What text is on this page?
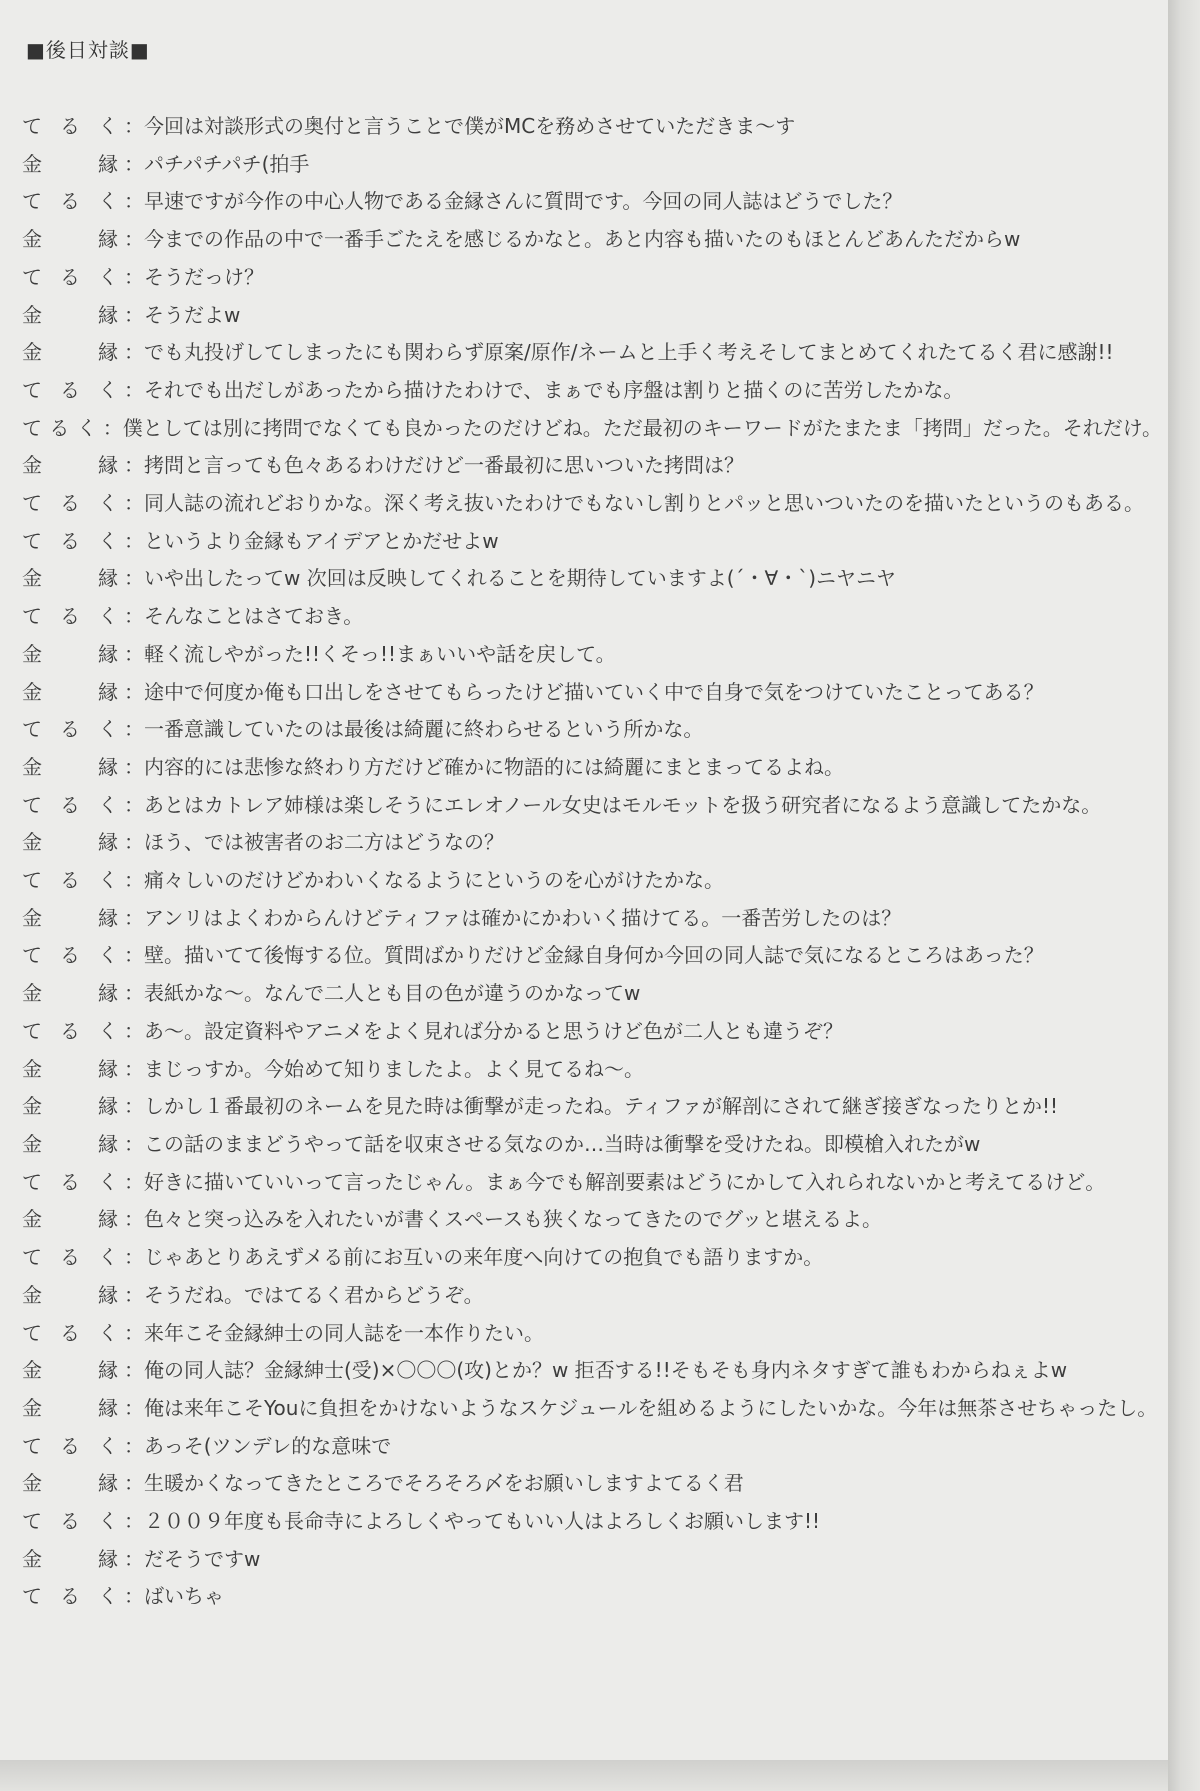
■後日対談■
てるく ： 今回は対談形式の奥付と言うことで僕がMCを務めさせていただきま～す
金縁 ： パチパチパチ(拍手
てるく ： 早速ですが今作の中心人物である金縁さんに質問です。今回の同人誌はどうでした？
金縁 ： 今までの作品の中で一番手ごたえを感じるかなと。あと内容も描いたのもほとんどあんただからw
てるく ： そうだっけ？
金縁 ： そうだよw
金縁 ： でも丸投げしてしまったにも関わらず原案/原作/ネームと上手く考えそしてまとめてくれたてるく君に感謝!!
てるく ： それでも出だしがあったから描けたわけで、まぁでも序盤は割りと描くのに苦労したかな。
てるく ： 僕としては別に拷問でなくても良かったのだけどね。ただ最初のキーワードがたまたま「拷問」だった。それだけ。
金縁 ： 拷問と言っても色々あるわけだけど一番最初に思いついた拷問は？
てるく ： 同人誌の流れどおりかな。深く考え抜いたわけでもないし割りとパッと思いついたのを描いたというのもある。
てるく ： というより金縁もアイデアとかだせよw
金縁 ： いや出したってw 次回は反映してくれることを期待していますよ(´・∀・`)ニヤニヤ
てるく ： そんなことはさておき。
金縁 ： 軽く流しやがった!!くそっ!!まぁいいや話を戻して。
金縁 ： 途中で何度か俺も口出しをさせてもらったけど描いていく中で自身で気をつけていたことってある？
てるく ： 一番意識していたのは最後は綺麗に終わらせるという所かな。
金縁 ： 内容的には悲惨な終わり方だけど確かに物語的には綺麗にまとまってるよね。
てるく ： あとはカトレア姉様は楽しそうにエレオノール女史はモルモットを扱う研究者になるよう意識してたかな。
金縁 ： ほう、では被害者のお二方はどうなの？
てるく ： 痛々しいのだけどかわいくなるようにというのを心がけたかな。
金縁 ： アンリはよくわからんけどティファは確かにかわいく描けてる。一番苦労したのは？
てるく ： 壁。描いてて後悔する位。質問ばかりだけど金縁自身何か今回の同人誌で気になるところはあった？
金縁 ： 表紙かな～。なんで二人とも目の色が違うのかなってw
てるく ： あ～。設定資料やアニメをよく見れば分かると思うけど色が二人とも違うぞ？
金縁 ： まじっすか。今始めて知りましたよ。よく見てるね～。
金縁 ： しかし１番最初のネームを見た時は衝撃が走ったね。ティファが解剖にされて継ぎ接ぎなったりとか!!
金縁 ： この話のままどうやって話を収束させる気なのか…当時は衝撃を受けたね。即模槍入れたがw
てるく ： 好きに描いていいって言ったじゃん。まぁ今でも解剖要素はどうにかして入れられないかと考えてるけど。
金縁 ： 色々と突っ込みを入れたいが書くスペースも狭くなってきたのでグッと堪えるよ。
てるく ： じゃあとりあえずメる前にお互いの来年度へ向けての抱負でも語りますか。
金縁 ： そうだね。ではてるく君からどうぞ。
てるく ： 来年こそ金縁紳士の同人誌を一本作りたい。
金縁 ： 俺の同人誌？金縁紳士(受)×〇〇〇(攻)とか？w 拒否する!!そもそも身内ネタすぎて誰もわからねぇよw
金縁 ： 俺は来年こそYouに負担をかけないようなスケジュールを組めるようにしたいかな。今年は無茶させちゃったし。
てるく ： あっそ(ツンデレ的な意味で
金縁 ： 生暖かくなってきたところでそろそろ〆をお願いしますよてるく君
てるく ： ２００９年度も長命寺によろしくやってもいい人はよろしくお願いします!!
金縁 ： だそうですw
てるく ： ばいちゃ
